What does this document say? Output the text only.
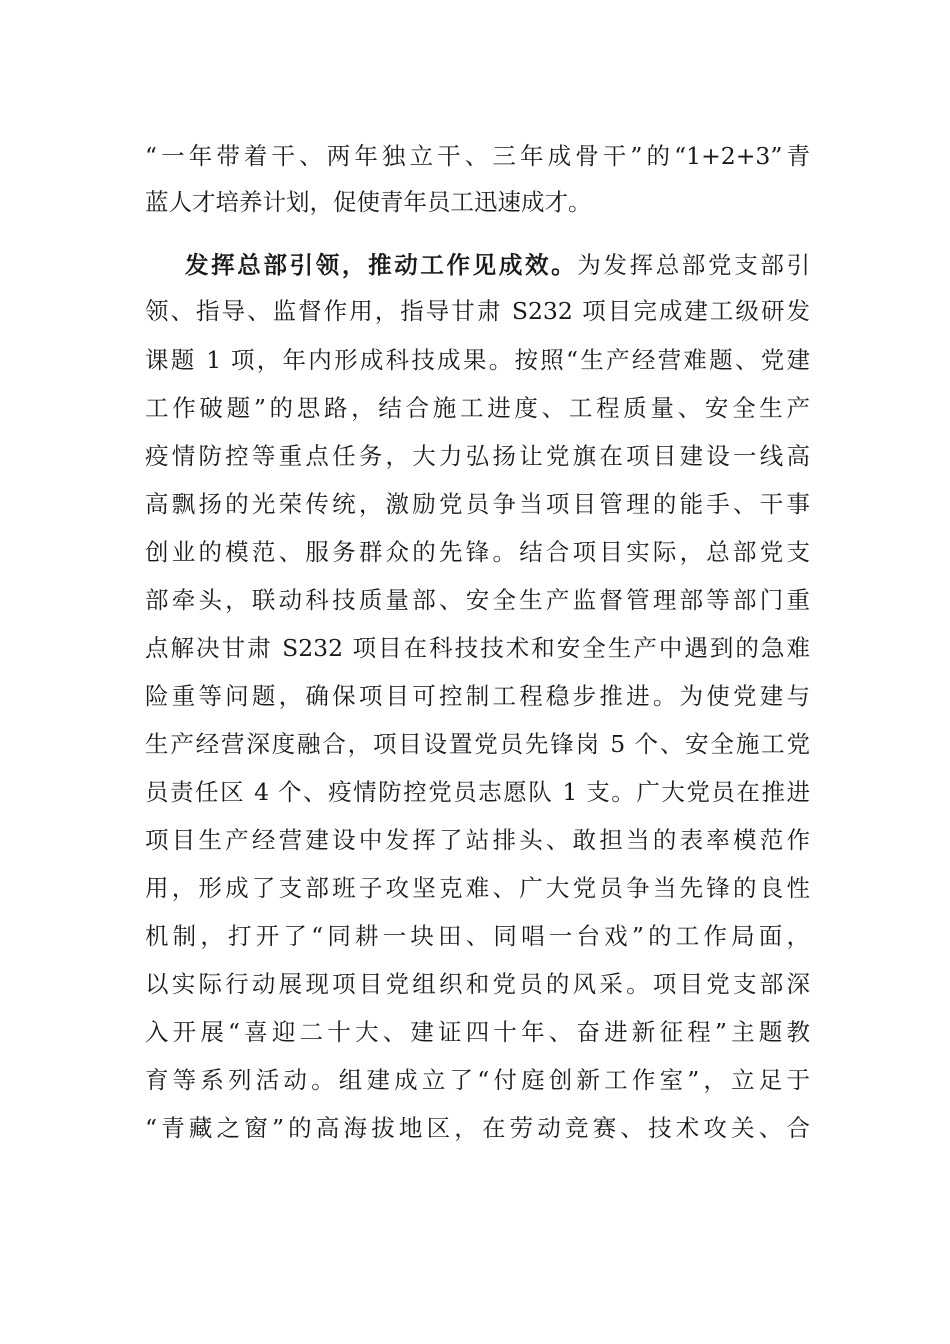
“一年带着干、两年独立干、三年成骨干”的“1+2+3”青
蓝人才培养计划，促使青年员工迅速成才。
发挥总部引领，推动工作见成效。为发挥总部党支部引
领、指导、监督作用，指导甘肃 S232 项目完成建工级研发
课题 1 项，年内形成科技成果。按照“生产经营难题、党建
工作破题”的思路，结合施工进度、工程质量、安全生产
疫情防控等重点任务，大力弘扬让党旗在项目建设一线高
高飘扬的光荣传统，激励党员争当项目管理的能手、干事
创业的模范、服务群众的先锋。结合项目实际，总部党支
部牵头，联动科技质量部、安全生产监督管理部等部门重
点解决甘肃 S232 项目在科技技术和安全生产中遇到的急难
险重等问题，确保项目可控制工程稳步推进。为使党建与
生产经营深度融合，项目设置党员先锋岗 5 个、安全施工党
员责任区 4 个、疫情防控党员志愿队 1 支。广大党员在推进
项目生产经营建设中发挥了站排头、敢担当的表率模范作
用，形成了支部班子攻坚克难、广大党员争当先锋的良性
机制，打开了“同耕一块田、同唱一台戏”的工作局面，
以实际行动展现项目党组织和党员的风采。项目党支部深
入开展“喜迎二十大、建证四十年、奋进新征程”主题教
育等系列活动。组建成立了“付庭创新工作室”，立足于
“青藏之窗”的高海拔地区，在劳动竞赛、技术攻关、合
